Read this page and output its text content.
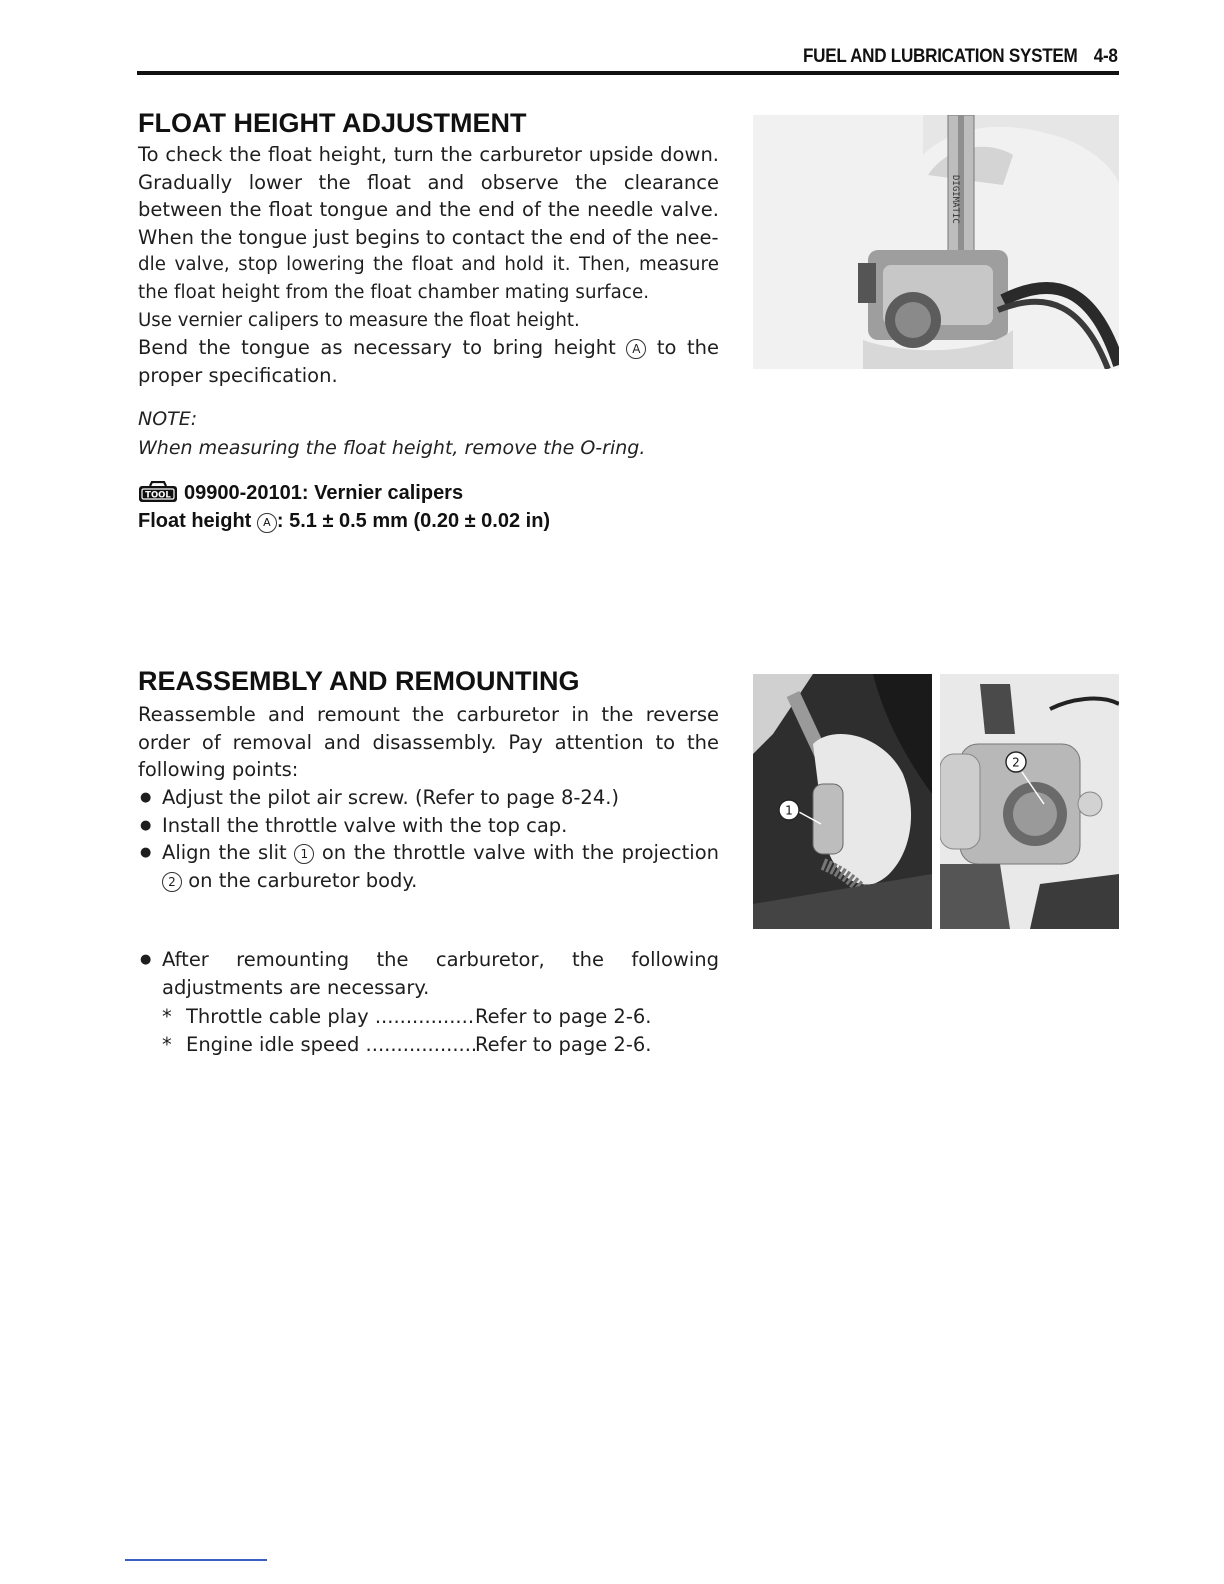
FUEL AND LUBRICATION SYSTEM 4-8
FLOAT HEIGHT ADJUSTMENT

To check the float height, turn the carburetor upside down. Gradually lower the float and observe the clearance between the float tongue and the end of the needle valve. When the tongue just begins to contact the end of the nee-

dle valve, stop lowering the float and hold it. Then, measure the float height from the float chamber mating surface.

Use vernier calipers to measure the float height.

Bend the tongue as necessary to bring height A to the proper specification.

NOTE:
When measuring the float height, remove the O-ring.
TOOL 09900-20101: Vernier calipers
Float height A : 5.1 ± 0.5 mm (0.20 ± 0.02 in)
DIGIMATIC
REASSEMBLY AND REMOUNTING

Reassemble and remount the carburetor in the reverse order of removal and disassembly. Pay attention to the following points:

● Adjust the pilot air screw. (Refer to page 8-24.)
● Install the throttle valve with the top cap.
● Align the slit 1 on the throttle valve with the projection 2 on the carburetor body.
● After remounting the carburetor, the following adjustments are necessary.
* Throttle cable play .....	Refer to page 2-6.
* Engine idle speed .....	Refer to page 2-6.
1
2
